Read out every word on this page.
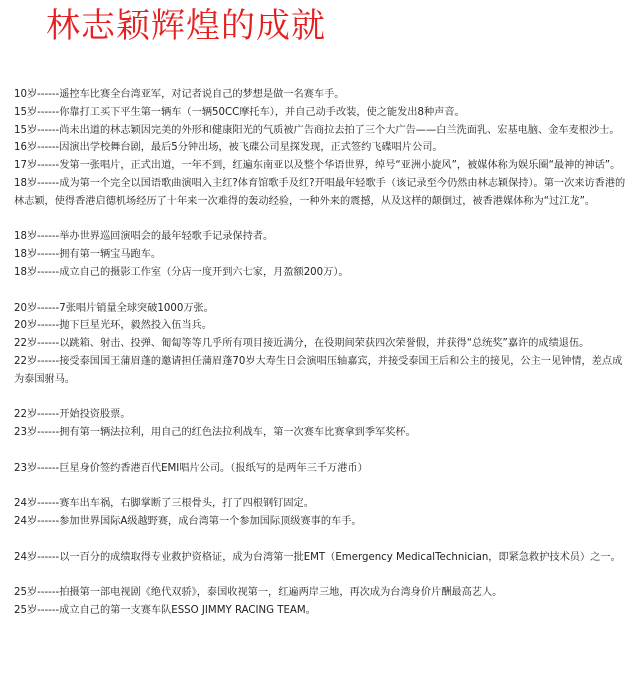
林志颖辉煌的成就

10岁------遥控车比赛全台湾亚军，对记者说自己的梦想是做一名赛车手。

15岁------你靠打工买下平生第一辆车（一辆50CC摩托车），并自己动手改装，使之能发出8种声音。

15岁------尚未出道的林志颖因完美的外形和健康阳光的气质被广告商拉去拍了三个大广告——白兰洗面乳、宏基电脑、金车麦根沙士。

16岁------因演出学校舞台剧，最后5分钟出场，被飞碟公司星探发现，正式签约飞碟唱片公司。

17岁------发第一张唱片，正式出道，一年不到，红遍东南亚以及整个华语世界，绰号“亚洲小旋风”，被媒体称为娱乐圈“最神的神话”。

18岁------成为第一个完全以国语歌曲演唱入主红?体育馆歌手及红?开唱最年轻歌手（该记录至今仍然由林志颖保持）。第一次来访香港的林志颖，使得香港启德机场经历了十年来一次难得的轰动经验，一种外来的震撼，从及这样的颠倒过，被香港媒体称为“过江龙”。

18岁------举办世界巡回演唱会的最年轻歌手记录保持者。

18岁------拥有第一辆宝马跑车。

18岁------成立自己的摄影工作室（分店一度开到六七家，月盈额200万）。

20岁------7张唱片销量全球突破1000万张。

20岁------抛下巨星光环，毅然投入伍当兵。

22岁------以跳箱、射击、投弹、匍匐等等几乎所有项目接近满分，在役期间荣获四次荣誉假，并获得“总统奖”嘉许的成绩退伍。

22岁------接受泰国国王蒲眉蓬的邀请担任蒲眉蓬70岁大寿生日会演唱压轴嘉宾，并接受泰国王后和公主的接见，公主一见钟情，差点成为泰国驸马。

22岁------开始投资股票。

23岁------拥有第一辆法拉利，用自己的红色法拉利战车，第一次赛车比赛拿到季军奖杯。

23岁------巨星身价签约香港百代EMI唱片公司。（报纸写的是两年三千万港币）

24岁------赛车出车祸，右脚掌断了三根骨头，打了四根钢钉固定。

24岁------参加世界国际A级越野赛，成台湾第一个参加国际顶级赛事的车手。

24岁------以一百分的成绩取得专业救护资格证，成为台湾第一批EMT（Emergency MedicalTechnician，即紧急救护技术员）之一。

25岁------拍摄第一部电视剧《绝代双骄》，泰国收视第一，红遍两岸三地，再次成为台湾身价片酬最高艺人。

25岁------成立自己的第一支赛车队ESSO JIMMY RACING TEAM。
